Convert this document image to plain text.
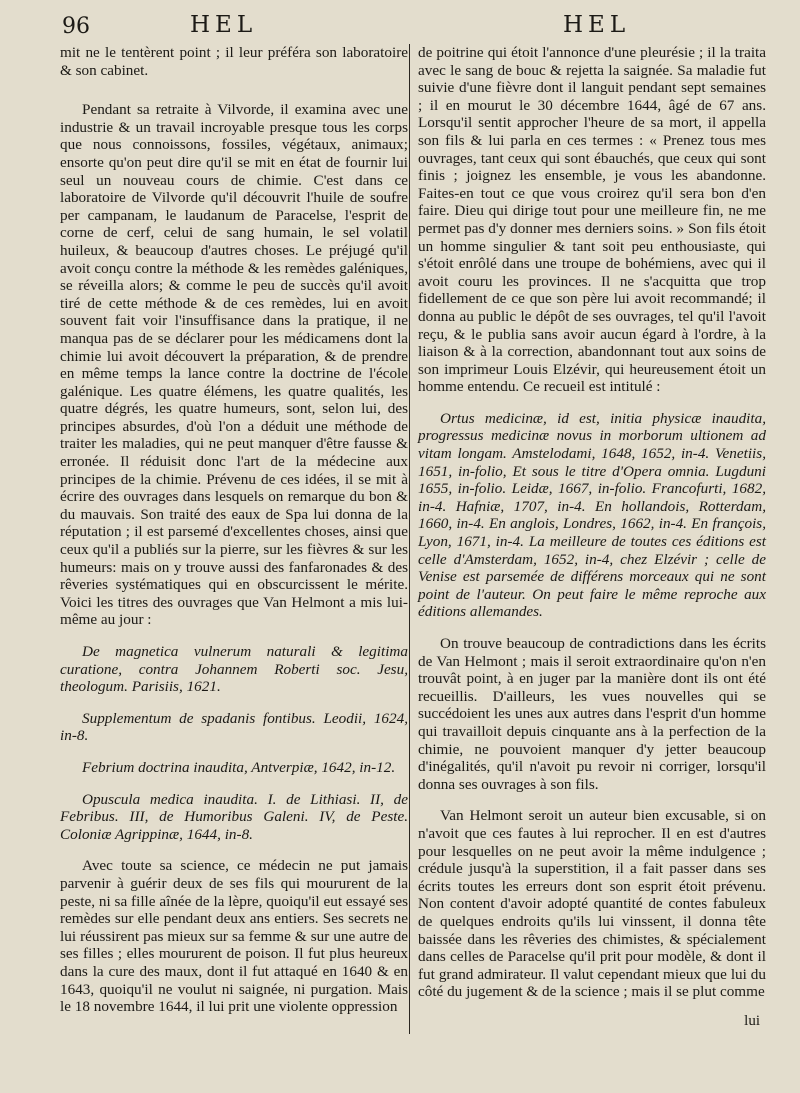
96	HEL	HEL

mit ne le tentèrent point ; il leur préféra son laboratoire & son cabinet.

Pendant sa retraite à Vilvorde, il examina avec une industrie & un travail incroyable presque tous les corps que nous connoissons, fossiles, végétaux, animaux; ensorte qu'on peut dire qu'il se mit en état de fournir lui seul un nouveau cours de chimie. C'est dans ce laboratoire de Vilvorde qu'il découvrit l'huile de soufre per campanam, le laudanum de Paracelse, l'esprit de corne de cerf, celui de sang humain, le sel volatil huileux, & beaucoup d'autres choses. Le préjugé qu'il avoit conçu contre la méthode & les remèdes galéniques, se réveilla alors; & comme le peu de succès qu'il avoit tiré de cette méthode & de ces remèdes, lui en avoit souvent fait voir l'insuffisance dans la pratique, il ne manqua pas de se déclarer pour les médicamens dont la chimie lui avoit découvert la préparation, & de prendre en même temps la lance contre la doctrine de l'école galénique. Les quatre élémens, les quatre qualités, les quatre dégrés, les quatre humeurs, sont, selon lui, des principes absurdes, d'où l'on a déduit une méthode de traiter les maladies, qui ne peut manquer d'être fausse & erronée. Il réduisit donc l'art de la médecine aux principes de la chimie. Prévenu de ces idées, il se mit à écrire des ouvrages dans lesquels on remarque du bon & du mauvais. Son traité des eaux de Spa lui donna de la réputation ; il est parsemé d'excellentes choses, ainsi que ceux qu'il a publiés sur la pierre, sur les fièvres & sur les humeurs: mais on y trouve aussi des fanfaronades & des rêveries systématiques qui en obscurcissent le mérite. Voici les titres des ouvrages que Van Helmont a mis lui-même au jour :

De magnetica vulnerum naturali & legitima curatione, contra Johannem Roberti soc. Jesu, theologum. Parisiis, 1621.

Supplementum de spadanis fontibus. Leodii, 1624, in-8.

Febrium doctrina inaudita, Antverpiæ, 1642, in-12.

Opuscula medica inaudita. I. de Lithiasi. II, de Febribus. III, de Humoribus Galeni. IV, de Peste. Coloniæ Agrippinæ, 1644, in-8.

Avec toute sa science, ce médecin ne put jamais parvenir à guérir deux de ses fils qui moururent de la peste, ni sa fille aînée de la lèpre, quoiqu'il eut essayé ses remèdes sur elle pendant deux ans entiers. Ses secrets ne lui réussirent pas mieux sur sa femme & sur une autre de ses filles ; elles moururent de poison. Il fut plus heureux dans la cure des maux, dont il fut attaqué en 1640 & en 1643, quoiqu'il ne voulut ni saignée, ni purgation. Mais le 18 novembre 1644, il lui prit une violente oppression

de poitrine qui étoit l'annonce d'une pleurésie ; il la traita avec le sang de bouc & rejetta la saignée. Sa maladie fut suivie d'une fièvre dont il languit pendant sept semaines ; il en mourut le 30 décembre 1644, âgé de 67 ans. Lorsqu'il sentit approcher l'heure de sa mort, il appella son fils & lui parla en ces termes : « Prenez tous mes ouvrages, tant ceux qui sont ébauchés, que ceux qui sont finis ; joignez les ensemble, je vous les abandonne. Faites-en tout ce que vous croirez qu'il sera bon d'en faire. Dieu qui dirige tout pour une meilleure fin, ne me permet pas d'y donner mes derniers soins. » Son fils étoit un homme singulier & tant soit peu enthousiaste, qui s'étoit enrôlé dans une troupe de bohémiens, avec qui il avoit couru les provinces. Il ne s'acquitta que trop fidellement de ce que son père lui avoit recommandé; il donna au public le dépôt de ses ouvrages, tel qu'il l'avoit reçu, & le publia sans avoir aucun égard à l'ordre, à la liaison & à la correction, abandonnant tout aux soins de son imprimeur Louis Elzévir, qui heureusement étoit un homme entendu. Ce recueil est intitulé :

Ortus medicinæ, id est, initia physicæ inaudita, progressus medicinæ novus in morborum ultionem ad vitam longam. Amstelodami, 1648, 1652, in-4. Venetiis, 1651, in-folio, Et sous le titre d'Opera omnia. Lugduni 1655, in-folio. Leidæ, 1667, in-folio. Francofurti, 1682, in-4. Hafniæ, 1707, in-4. En hollandois, Rotterdam, 1660, in-4. En anglois, Londres, 1662, in-4. En françois, Lyon, 1671, in-4. La meilleure de toutes ces éditions est celle d'Amsterdam, 1652, in-4, chez Elzévir ; celle de Venise est parsemée de différens morceaux qui ne sont point de l'auteur. On peut faire le même reproche aux éditions allemandes.

On trouve beaucoup de contradictions dans les écrits de Van Helmont ; mais il seroit extraordinaire qu'on n'en trouvât point, à en juger par la manière dont ils ont été recueillis. D'ailleurs, les vues nouvelles qui se succédoient les unes aux autres dans l'esprit d'un homme qui travailloit depuis cinquante ans à la perfection de la chimie, ne pouvoient manquer d'y jetter beaucoup d'inégalités, qu'il n'avoit pu revoir ni corriger, lorsqu'il donna ses ouvrages à son fils.

Van Helmont seroit un auteur bien excusable, si on n'avoit que ces fautes à lui reprocher. Il en est d'autres pour lesquelles on ne peut avoir la même indulgence ; crédule jusqu'à la superstition, il a fait passer dans ses écrits toutes les erreurs dont son esprit étoit prévenu. Non content d'avoir adopté quantité de contes fabuleux de quelques endroits qu'ils lui vinssent, il donna tête baissée dans les rêveries des chimistes, & spécialement dans celles de Paracelse qu'il prit pour modèle, & dont il fut grand admirateur. Il valut cependant mieux que lui du côté du jugement & de la science ; mais il se plut comme

lui
